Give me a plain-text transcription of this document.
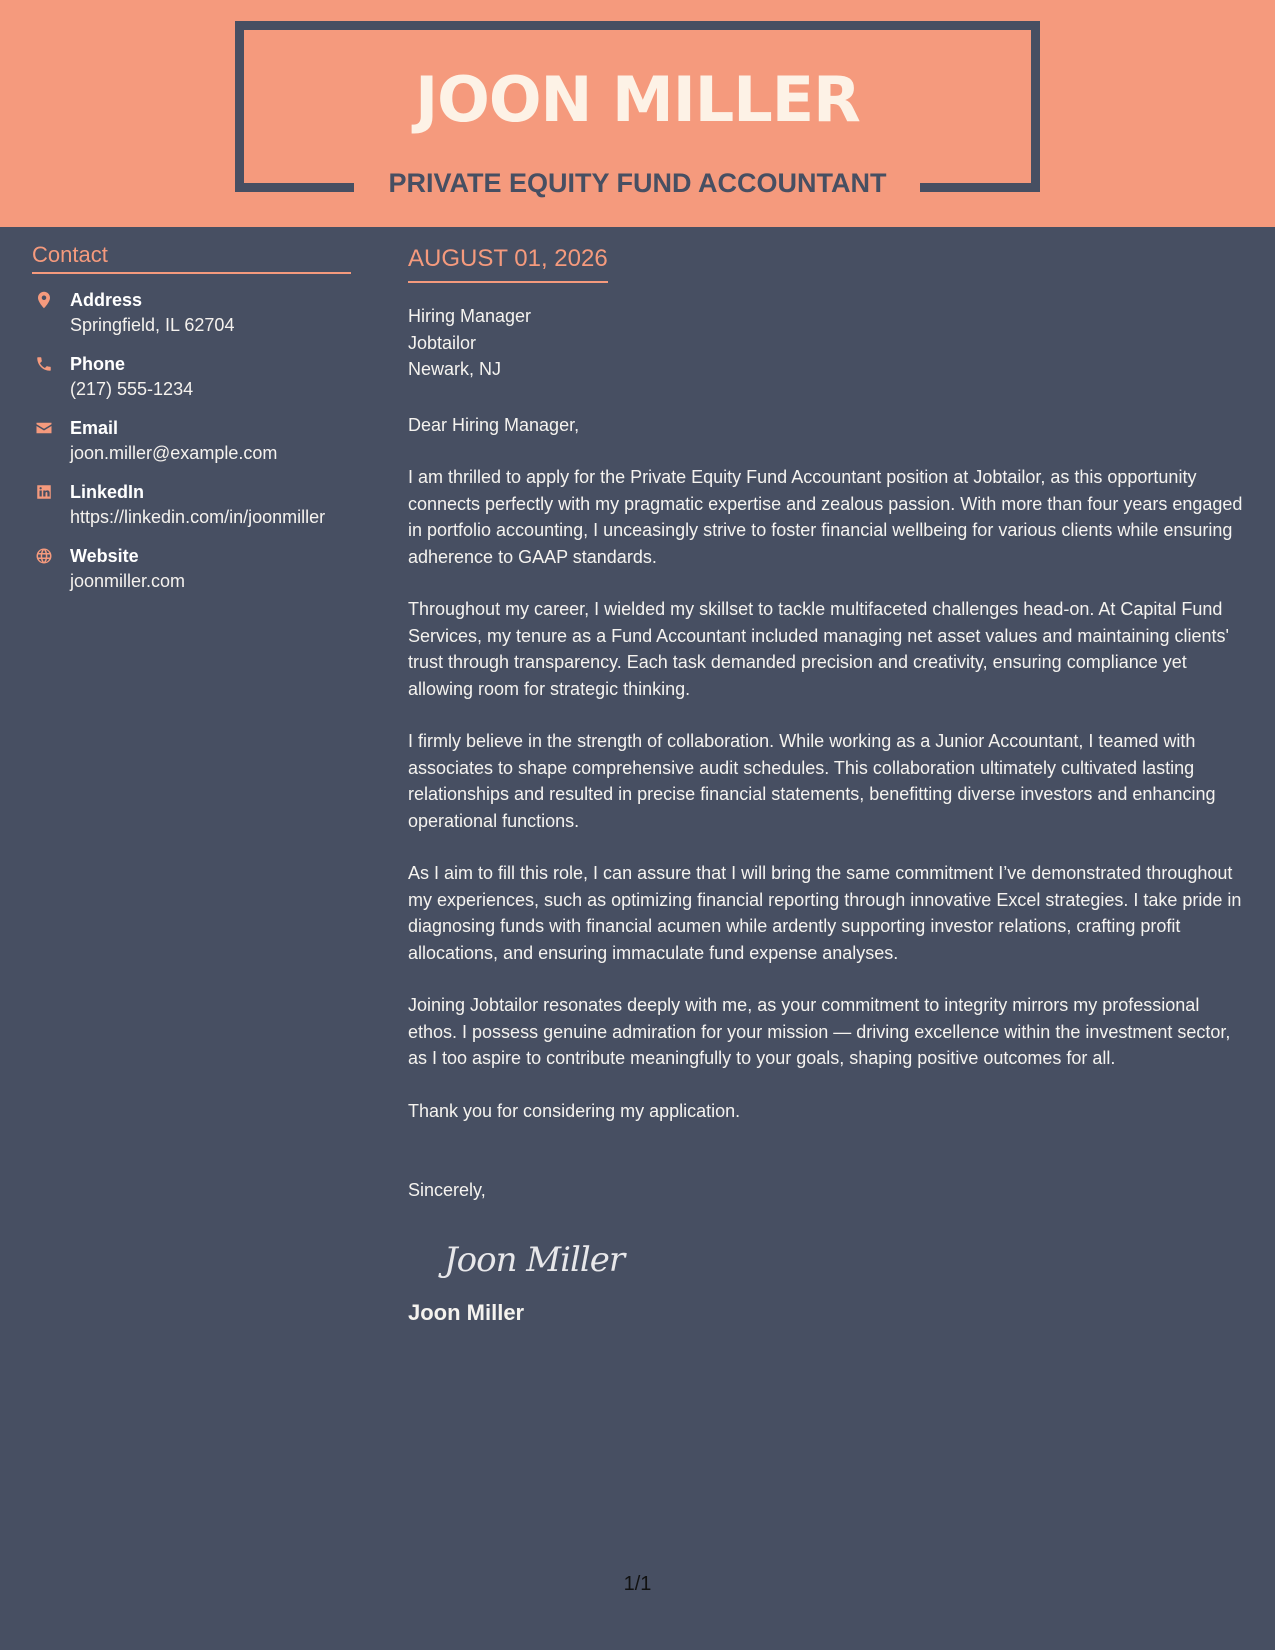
JOON MILLER
PRIVATE EQUITY FUND ACCOUNTANT
Contact
Address
Springfield, IL 62704
Phone
(217) 555-1234
Email
joon.miller@example.com
LinkedIn
https://linkedin.com/in/joonmiller
Website
joonmiller.com
AUGUST 01, 2026
Hiring Manager
Jobtailor
Newark, NJ
Dear Hiring Manager,
I am thrilled to apply for the Private Equity Fund Accountant position at Jobtailor, as this opportunity connects perfectly with my pragmatic expertise and zealous passion. With more than four years engaged in portfolio accounting, I unceasingly strive to foster financial wellbeing for various clients while ensuring adherence to GAAP standards.
Throughout my career, I wielded my skillset to tackle multifaceted challenges head-on. At Capital Fund Services, my tenure as a Fund Accountant included managing net asset values and maintaining clients' trust through transparency. Each task demanded precision and creativity, ensuring compliance yet allowing room for strategic thinking.
I firmly believe in the strength of collaboration. While working as a Junior Accountant, I teamed with associates to shape comprehensive audit schedules. This collaboration ultimately cultivated lasting relationships and resulted in precise financial statements, benefitting diverse investors and enhancing operational functions.
As I aim to fill this role, I can assure that I will bring the same commitment I’ve demonstrated throughout my experiences, such as optimizing financial reporting through innovative Excel strategies. I take pride in diagnosing funds with financial acumen while ardently supporting investor relations, crafting profit allocations, and ensuring immaculate fund expense analyses.
Joining Jobtailor resonates deeply with me, as your commitment to integrity mirrors my professional ethos. I possess genuine admiration for your mission — driving excellence within the investment sector, as I too aspire to contribute meaningfully to your goals, shaping positive outcomes for all.
Thank you for considering my application.
Sincerely,
Joon Miller
Joon Miller
1/1
